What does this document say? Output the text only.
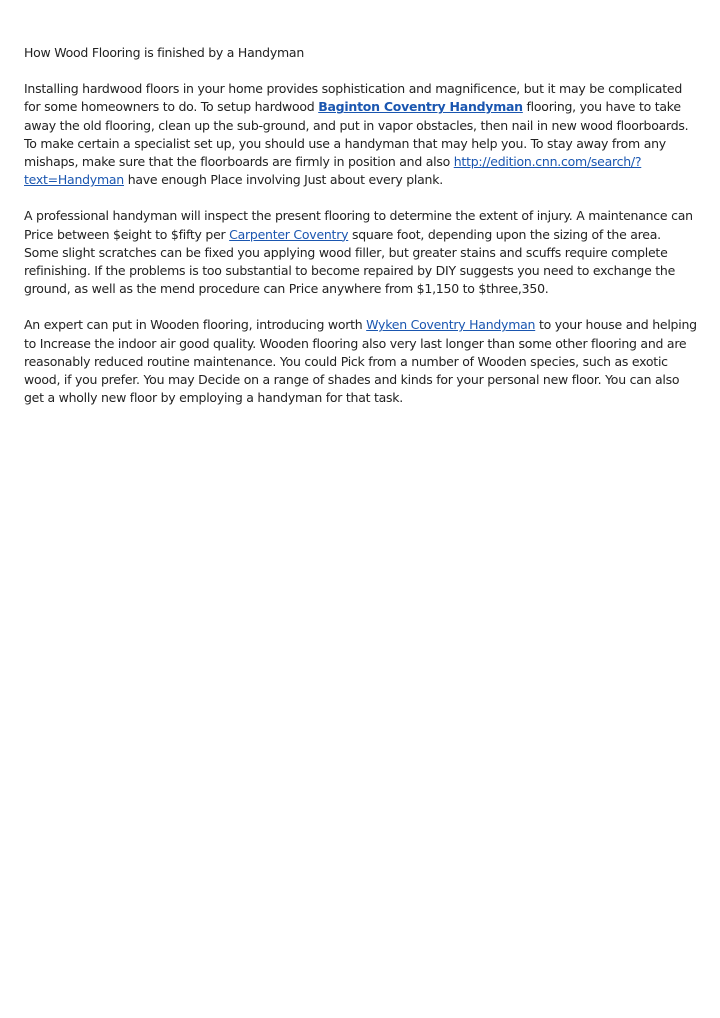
How Wood Flooring is finished by a Handyman

Installing hardwood floors in your home provides sophistication and magnificence, but it may be complicated for some homeowners to do. To setup hardwood Baginton Coventry Handyman flooring, you have to take away the old flooring, clean up the sub-ground, and put in vapor obstacles, then nail in new wood floorboards. To make certain a specialist set up, you should use a handyman that may help you. To stay away from any mishaps, make sure that the floorboards are firmly in position and also http://edition.cnn.com/search/?text=Handyman have enough Place involving Just about every plank.

A professional handyman will inspect the present flooring to determine the extent of injury. A maintenance can Price between $eight to $fifty per Carpenter Coventry square foot, depending upon the sizing of the area. Some slight scratches can be fixed you applying wood filler, but greater stains and scuffs require complete refinishing. If the problems is too substantial to become repaired by DIY suggests you need to exchange the ground, as well as the mend procedure can Price anywhere from $1,150 to $three,350.

An expert can put in Wooden flooring, introducing worth Wyken Coventry Handyman to your house and helping to Increase the indoor air good quality. Wooden flooring also very last longer than some other flooring and are reasonably reduced routine maintenance. You could Pick from a number of Wooden species, such as exotic wood, if you prefer. You may Decide on a range of shades and kinds for your personal new floor. You can also get a wholly new floor by employing a handyman for that task.
